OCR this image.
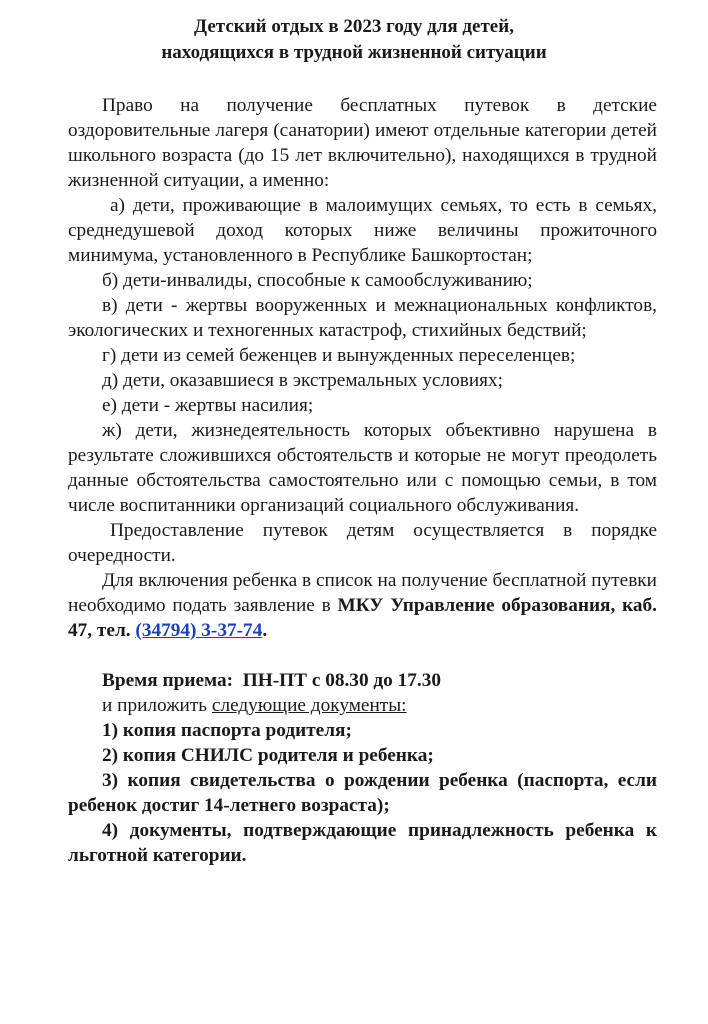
Детский отдых в 2023 году для детей,
находящихся в трудной жизненной ситуации

Право на получение бесплатных путевок в детские оздоровительные лагеря (санатории) имеют отдельные категории детей школьного возраста (до 15 лет включительно), находящихся в трудной жизненной ситуации, а именно:

а) дети, проживающие в малоимущих семьях, то есть в семьях, среднедушевой доход которых ниже величины прожиточного минимума, установленного в Республике Башкортостан;

б) дети-инвалиды, способные к самообслуживанию;

в) дети - жертвы вооруженных и межнациональных конфликтов, экологических и техногенных катастроф, стихийных бедствий;

г) дети из семей беженцев и вынужденных переселенцев;

д) дети, оказавшиеся в экстремальных условиях;

е) дети - жертвы насилия;

ж) дети, жизнедеятельность которых объективно нарушена в результате сложившихся обстоятельств и которые не могут преодолеть данные обстоятельства самостоятельно или с помощью семьи, в том числе воспитанники организаций социального обслуживания.

Предоставление путевок детям осуществляется в порядке очередности.

Для включения ребенка в список на получение бесплатной путевки необходимо подать заявление в МКУ Управление образования, каб. 47, тел. (34794) 3-37-74.

Время приема: ПН-ПТ с 08.30 до 17.30

и приложить следующие документы:

1) копия паспорта родителя;

2) копия СНИЛС родителя и ребенка;

3) копия свидетельства о рождении ребенка (паспорта, если ребенок достиг 14-летнего возраста);

4) документы, подтверждающие принадлежность ребенка к льготной категории.
